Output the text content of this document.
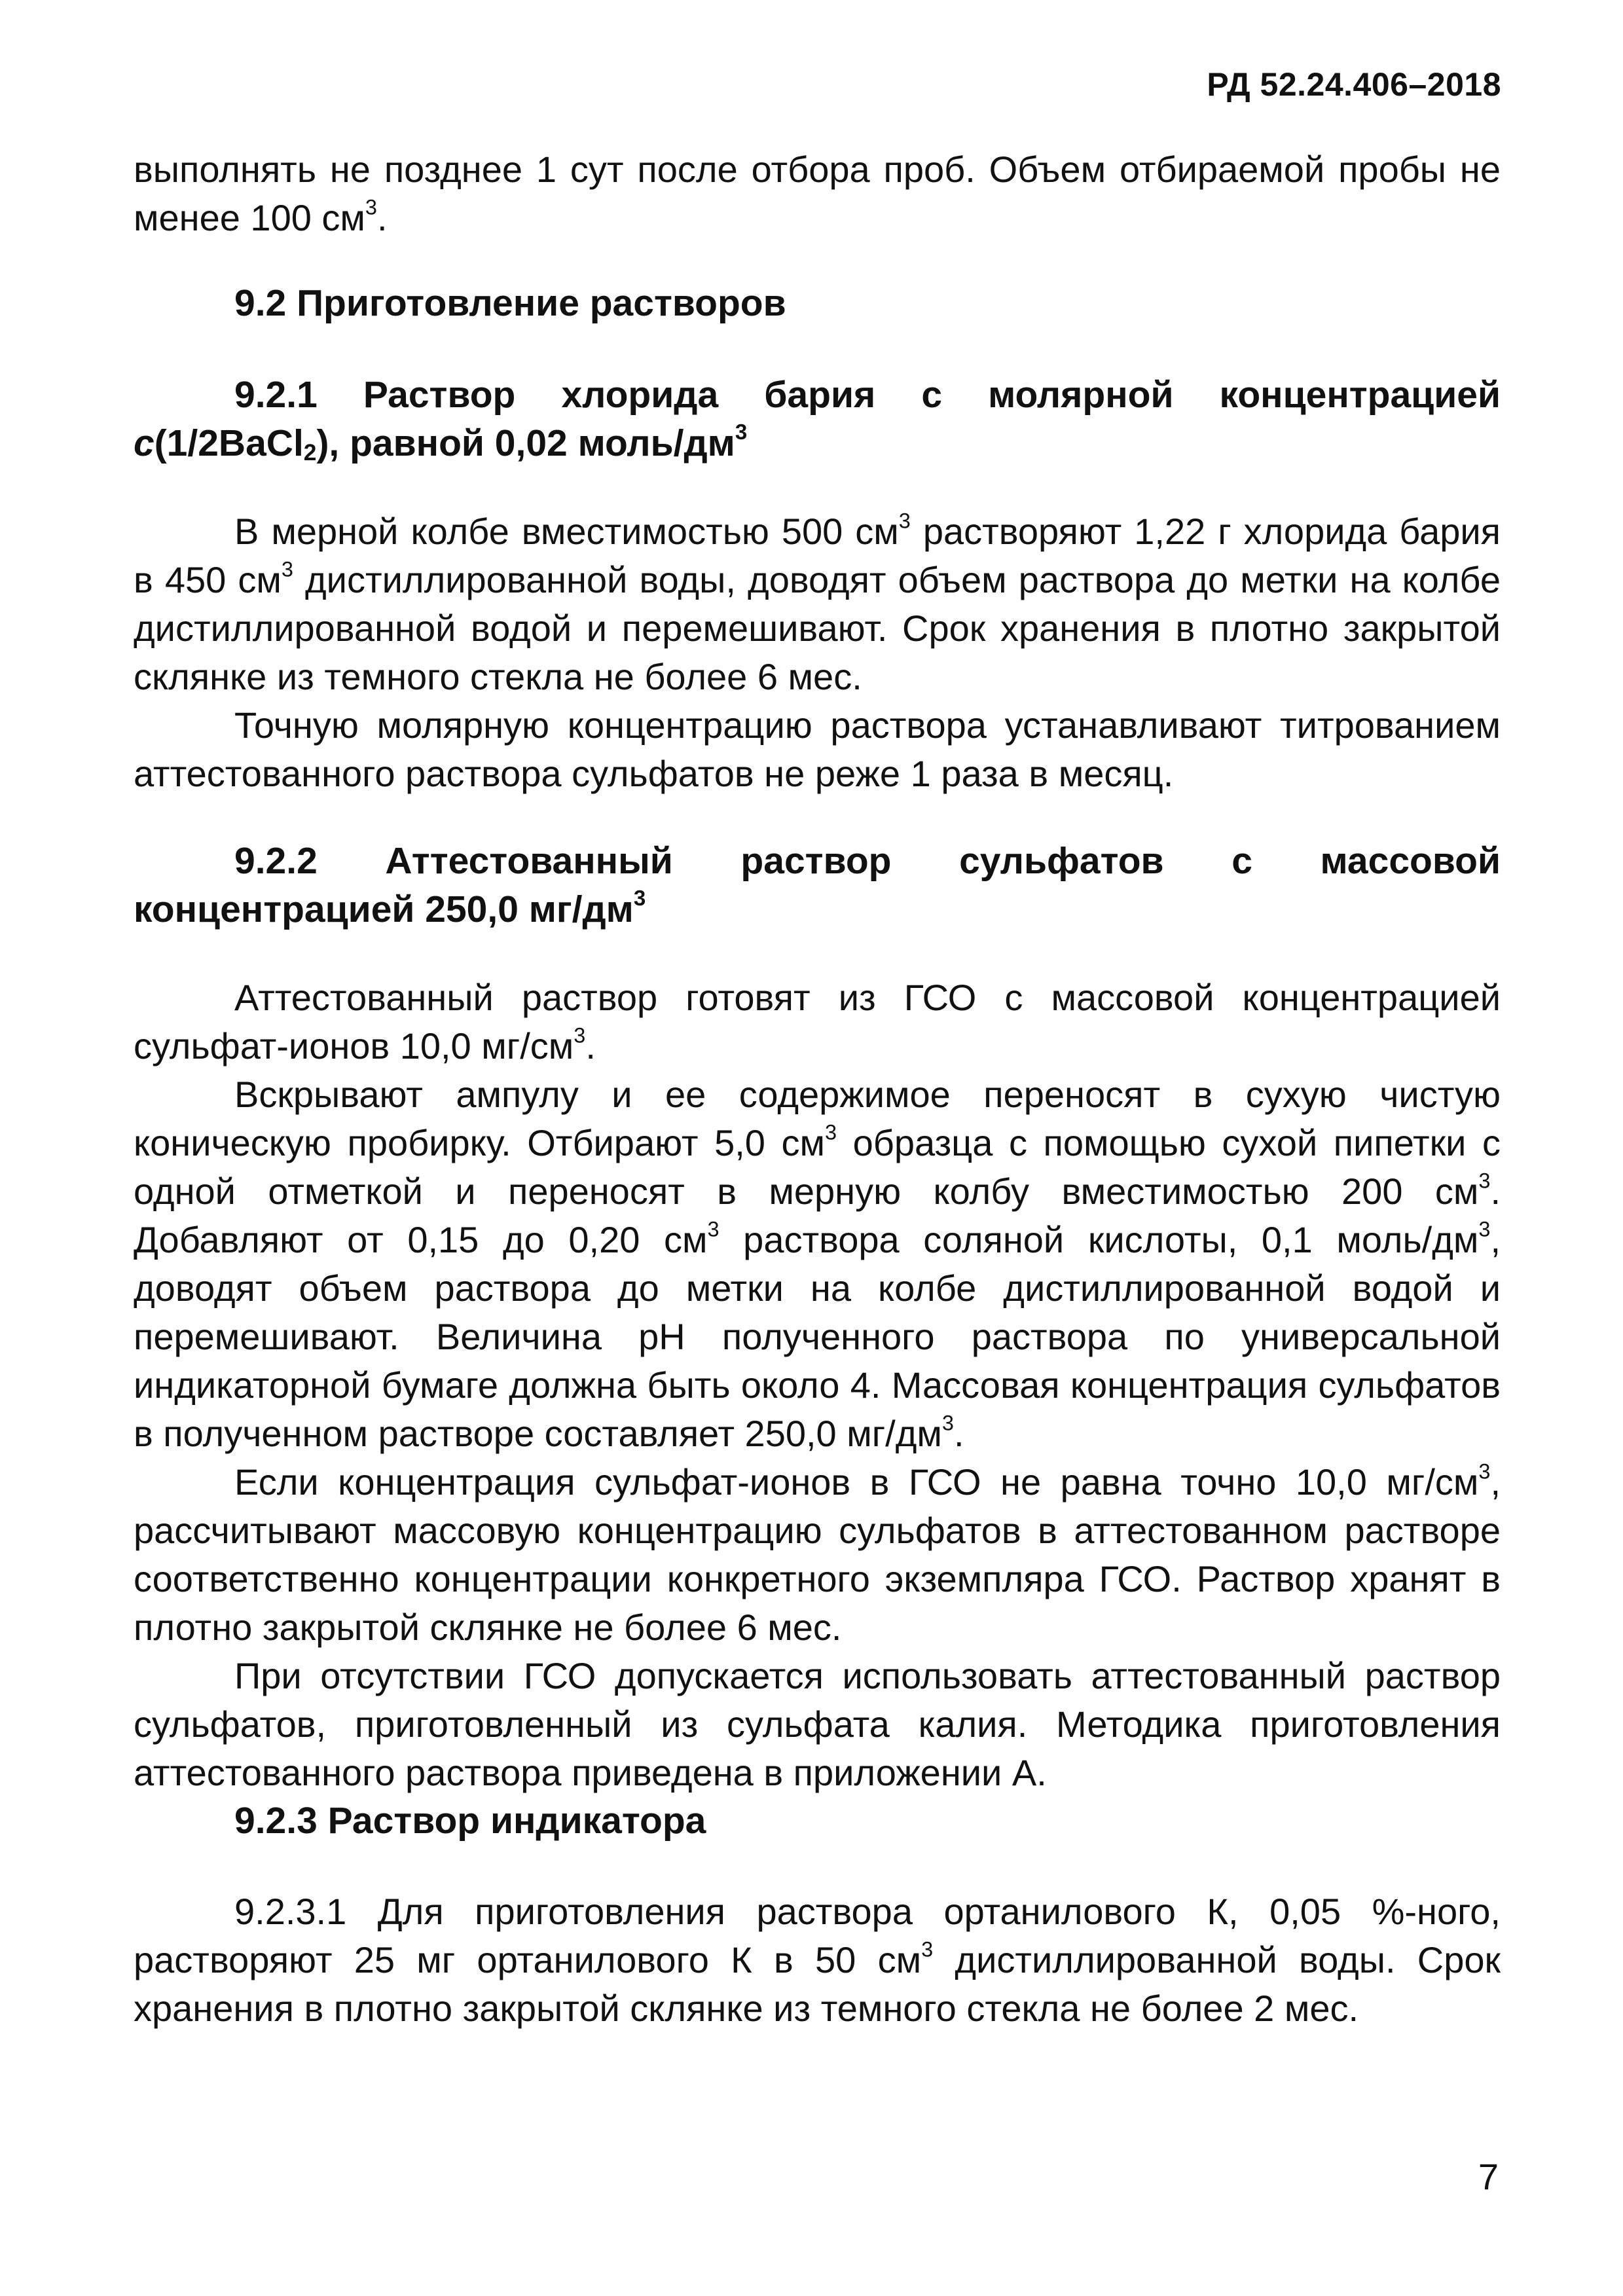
РД 52.24.406–2018

выполнять не позднее 1 сут после отбора проб. Объем отбираемой пробы не менее 100 $см^3$.

9.2 Приготовление растворов
9.2.1 Раствор хлорида бария с молярной концентрацией c(1/2BaCl$_2$), равной 0,02 моль/$дм^3$

В мерной колбе вместимостью 500 $см^3$ растворяют 1,22 г хлорида бария в 450 $см^3$ дистиллированной воды, доводят объем раствора до метки на колбе дистиллированной водой и перемешивают. Срок хранения в плотно закрытой склянке из темного стекла не более 6 мес.

Точную молярную концентрацию раствора устанавливают титрованием аттестованного раствора сульфатов не реже 1 раза в месяц.

9.2.2 Аттестованный раствор сульфатов с массовой концентрацией 250,0 $мг/дм^3$

Аттестованный раствор готовят из ГСО с массовой концентрацией сульфат-ионов 10,0 $мг/см^3$.

Вскрывают ампулу и ее содержимое переносят в сухую чистую коническую пробирку. Отбирают 5,0 $см^3$ образца с помощью сухой пипетки с одной отметкой и переносят в мерную колбу вместимостью 200 $см^3$. Добавляют от 0,15 до 0,20 $см^3$ раствора соляной кислоты, 0,1 моль/$дм^3$, доводят объем раствора до метки на колбе дистиллированной водой и перемешивают. Величина pH полученного раствора по универсальной индикаторной бумаге должна быть около 4. Массовая концентрация сульфатов в полученном растворе составляет 250,0 $мг/дм^3$.

Если концентрация сульфат-ионов в ГСО не равна точно 10,0 $мг/см^3$, рассчитывают массовую концентрацию сульфатов в аттестованном растворе соответственно концентрации конкретного экземпляра ГСО. Раствор хранят в плотно закрытой склянке не более 6 мес.

При отсутствии ГСО допускается использовать аттестованный раствор сульфатов, приготовленный из сульфата калия. Методика приготовления аттестованного раствора приведена в приложении А.

9.2.3 Раствор индикатора

9.2.3.1 Для приготовления раствора ортанилового К, 0,05 %-ного, растворяют 25 мг ортанилового К в 50 $см^3$ дистиллированной воды. Срок хранения в плотно закрытой склянке из темного стекла не более 2 мес.

7
